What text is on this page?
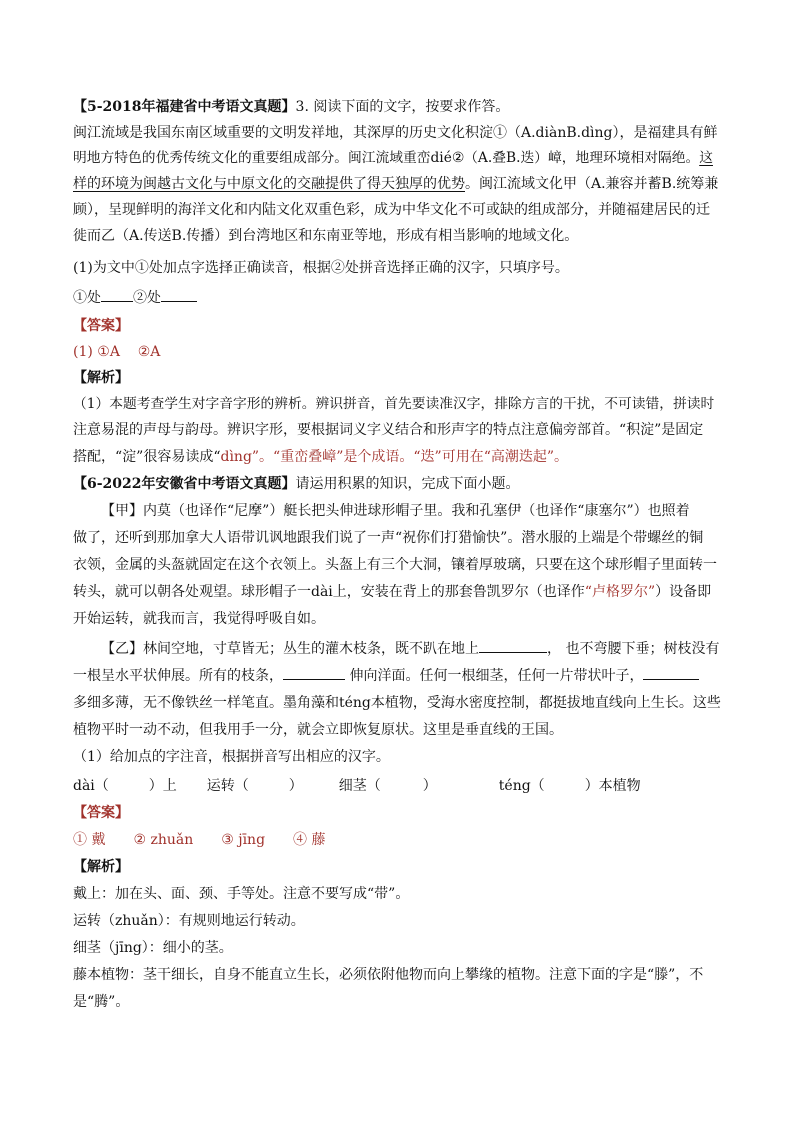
【5-2018年福建省中考语文真题】3. 阅读下面的文字，按要求作答。
闽江流域是我国东南区域重要的文明发祥地，其深厚的历史文化积淀①（A.diànB.dìng），是福建具有鲜
明地方特色的优秀传统文化的重要组成部分。闽江流域重峦dié②（A.叠B.迭）嶂，地理环境相对隔绝。这
样的环境为闽越古文化与中原文化的交融提供了得天独厚的优势。闽江流域文化甲（A.兼容并蓄B.统筹兼
顾），呈现鲜明的海洋文化和内陆文化双重色彩，成为中华文化不可或缺的组成部分，并随福建居民的迁
徙而乙（A.传送B.传播）到台湾地区和东南亚等地，形成有相当影响的地域文化。
(1)为文中①处加点字选择正确读音，根据②处拼音选择正确的汉字，只填序号。
①处 ②处
【答案】
(1) ①A    ②A
【解析】
（1）本题考查学生对字音字形的辨析。辨识拼音，首先要读准汉字，排除方言的干扰，不可读错，拼读时
注意易混的声母与韵母。辨识字形，要根据词义字义结合和形声字的特点注意偏旁部首。“积淀”是固定
搭配，“淀”很容易读成“dìng”。“重峦叠嶂”是个成语。“迭”可用在“高潮迭起”。
【6-2022年安徽省中考语文真题】请运用积累的知识，完成下面小题。
【甲】内莫（也译作“尼摩”）艇长把头伸进球形帽子里。我和孔塞伊（也译作“康塞尔”）也照着
做了，还听到那加拿大人语带讥讽地跟我们说了一声“祝你们打猎愉快”。潜水服的上端是个带螺丝的铜
衣领，金属的头盔就固定在这个衣领上。头盔上有三个大洞，镶着厚玻璃，只要在这个球形帽子里面转一
转头，就可以朝各处观望。球形帽子一dài上，安装在背上的那套鲁凯罗尔（也译作“卢格罗尔”）设备即
开始运转，就我而言，我觉得呼吸自如。
【乙】林间空地，寸草皆无；丛生的灌木枝条，既不趴在地上	， 也不弯腰下垂；树枝没有
一根呈水平状伸展。所有的枝条，	伸向洋面。任何一根细茎，任何一片带状叶子，
多细多薄，无不像铁丝一样笔直。墨角藻和téng本植物，受海水密度控制，都挺拔地直线向上生长。这些
植物平时一动不动，但我用手一分，就会立即恢复原状。这里是垂直线的王国。
（1）给加点的字注音，根据拼音写出相应的汉字。
dài（	）上 运转（	）	细茎（	）	téng（	）本植物
【答案】
① 戴 ② zhuǎn ③ jīng ④ 藤
【解析】
戴上：加在头、面、颈、手等处。注意不要写成“带”。
运转（zhuǎn）：有规则地运行转动。
细茎（jīng）：细小的茎。
藤本植物：茎干细长，自身不能直立生长，必须依附他物而向上攀缘的植物。注意下面的字是“滕”，不
是“腾”。
